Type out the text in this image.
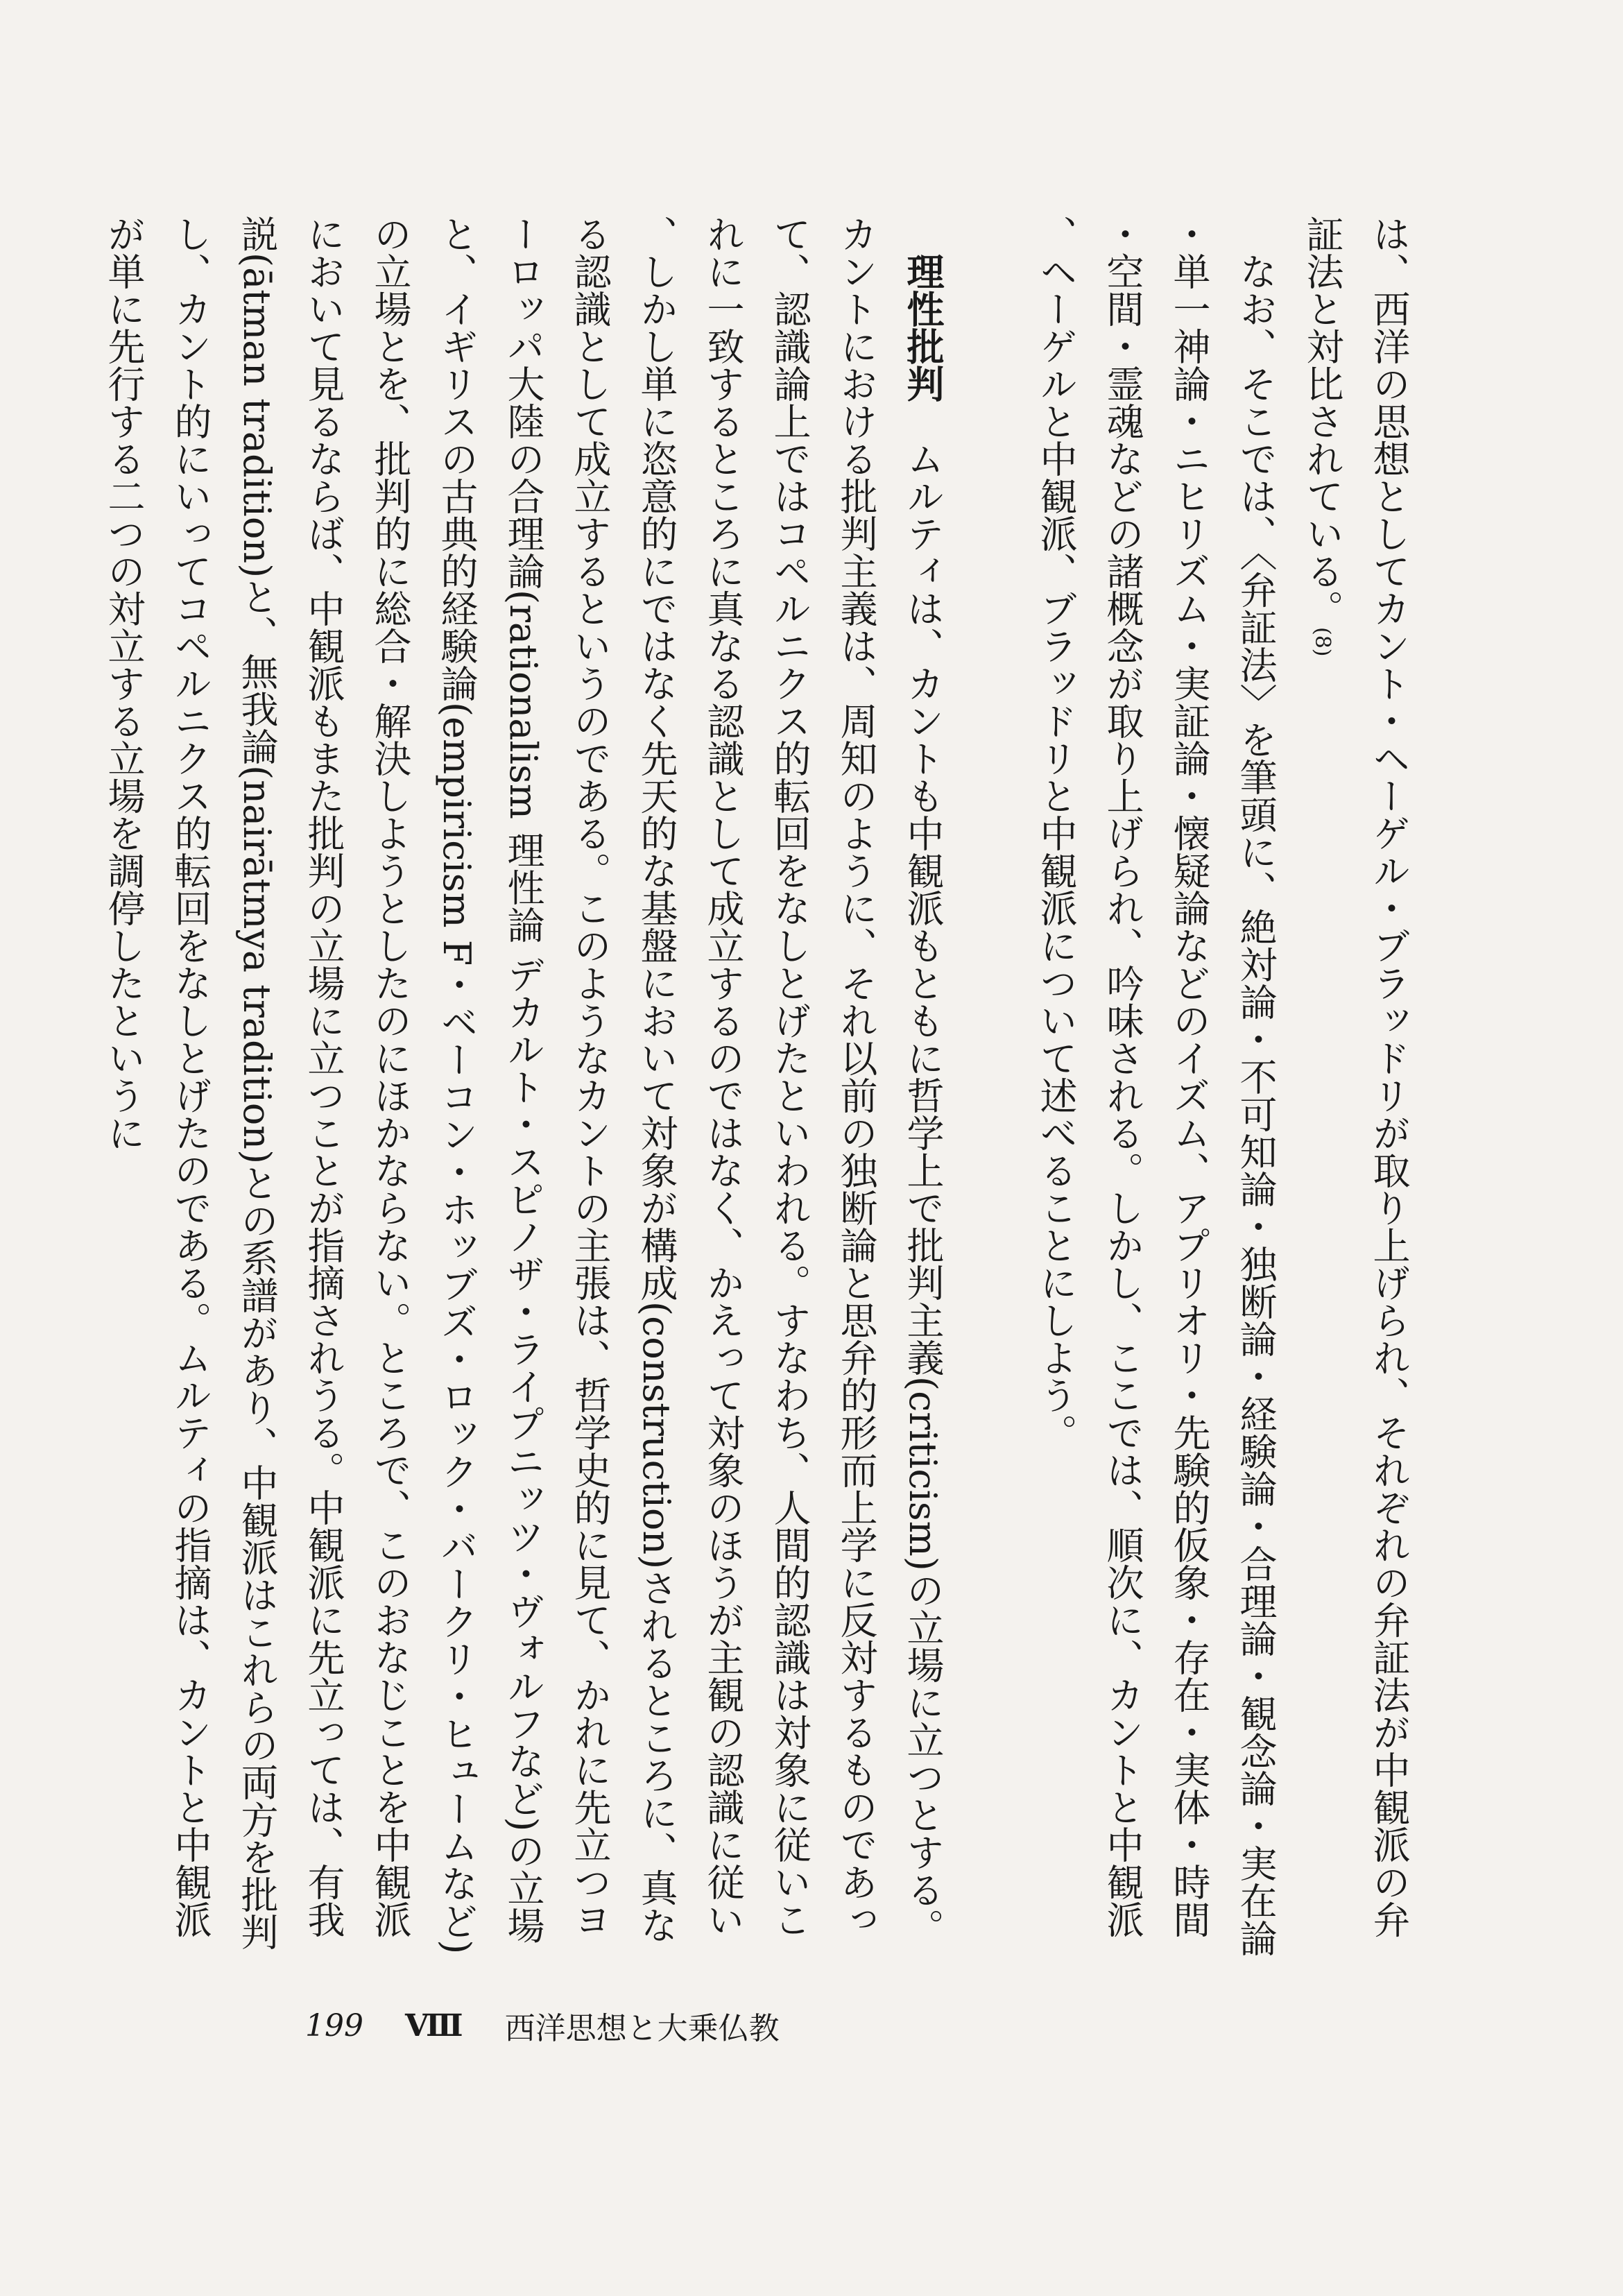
は、西洋の思想としてカント・ヘーゲル・ブラッドリが取り上げられ、それぞれの弁証法が中観派の弁証法と対比されている。(8)

なお、そこでは、〈弁証法〉を筆頭に、絶対論・不可知論・独断論・経験論・合理論・観念論・実在論・単一神論・ニヒリズム・実証論・懐疑論などのイズム、アプリオリ・先験的仮象・存在・実体・時間・空間・霊魂などの諸概念が取り上げられ、吟味される。しかし、ここでは、順次に、カントと中観派、ヘーゲルと中観派、ブラッドリと中観派について述べることにしよう。

理性批判ムルティは、カントも中観派もともに哲学上で批判主義(criticism)の立場に立つとする。カントにおける批判主義は、周知のように、それ以前の独断論と思弁的形而上学に反対するものであって、認識論上ではコペルニクス的転回をなしとげたといわれる。すなわち、人間的認識は対象に従いこれに一致するところに真なる認識として成立するのではなく、かえって対象のほうが主観の認識に従い、しかし単に恣意的にではなく先天的な基盤において対象が構成(construction)されるところに、真なる認識として成立するというのである。このようなカントの主張は、哲学史的に見て、かれに先立つヨーロッパ大陸の合理論(rationalism 理性論 デカルト・スピノザ・ライプニッツ・ヴォルフなど)の立場と、イギリスの古典的経験論(empiricism F・ベーコン・ホッブズ・ロック・バークリ・ヒュームなど)の立場とを、批判的に総合・解決しようとしたのにほかならない。ところで、このおなじことを中観派において見るならば、中観派もまた批判の立場に立つことが指摘されうる。中観派に先立っては、有我説(ātman tradition)と、無我論(nairātmya tradition)との系譜があり、中観派はこれらの両方を批判し、カント的にいってコペルニクス的転回をなしとげたのである。ムルティの指摘は、カントと中観派が単に先行する二つの対立する立場を調停したというに

199 Ⅷ 西洋思想と大乗仏教
